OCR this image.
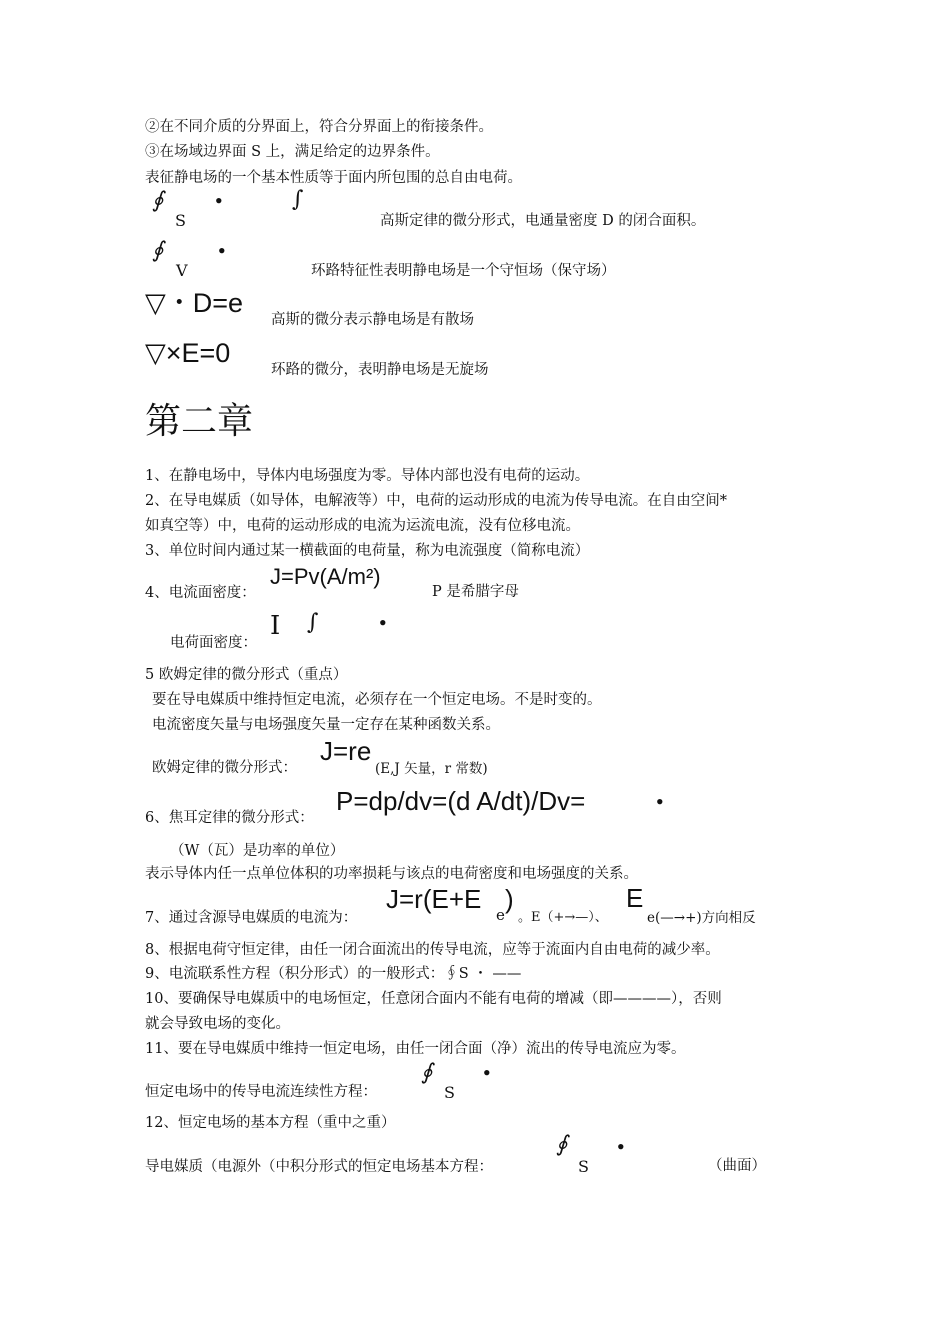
②在不同介质的分界面上，符合分界面上的衔接条件。
③在场域边界面 S 上，满足给定的边界条件。
表征静电场的一个基本性质等于面内所包围的总自由电荷。
∮
S
•	∫
高斯定律的微分形式，电通量密度 D 的闭合面积。
∮
V
•
环路特征性表明静电场是一个守恒场（保守场）
▽・D=e
高斯的微分表示静电场是有散场
▽×E=0
环路的微分，表明静电场是无旋场
第二章
1、在静电场中，导体内电场强度为零。导体内部也没有电荷的运动。
2、在导电媒质（如导体，电解液等）中，电荷的运动形成的电流为传导电流。在自由空间*
如真空等）中，电荷的运动形成的电流为运流电流，没有位移电流。
3、单位时间内通过某一横截面的电荷量，称为电流强度（简称电流）
4、电流面密度：
J=Pv(A/m²)
P 是希腊字母
电荷面密度：
I ∫	•
5 欧姆定律的微分形式（重点）
要在导电媒质中维持恒定电流，必须存在一个恒定电场。不是时变的。
电流密度矢量与电场强度矢量一定存在某种函数关系。
欧姆定律的微分形式：
J=re
(E,J 矢量，r 常数)
6、焦耳定律的微分形式：
P=dp/dv=(d A/dt)/Dv=	•
（W（瓦）是功率的单位）
表示导体内任一点单位体积的功率损耗与该点的电荷密度和电场强度的关系。
7、通过含源导电媒质的电流为：
J=r(E+E
e
)
。E（+→—）、
E
e(—→+)方向相反
8、根据电荷守恒定律，由任一闭合面流出的传导电流，应等于流面内自由电荷的减少率。
9、电流联系性方程（积分形式）的一般形式：∮S ・ ——
10、要确保导电媒质中的电场恒定，任意闭合面内不能有电荷的增减（即————），否则
就会导致电场的变化。
11、要在导电媒质中维持一恒定电场，由任一闭合面（净）流出的传导电流应为零。
恒定电场中的传导电流连续性方程：
∮
S
•
12、恒定电场的基本方程（重中之重）
导电媒质（电源外（中积分形式的恒定电场基本方程：
∮
S
•
（曲面）
